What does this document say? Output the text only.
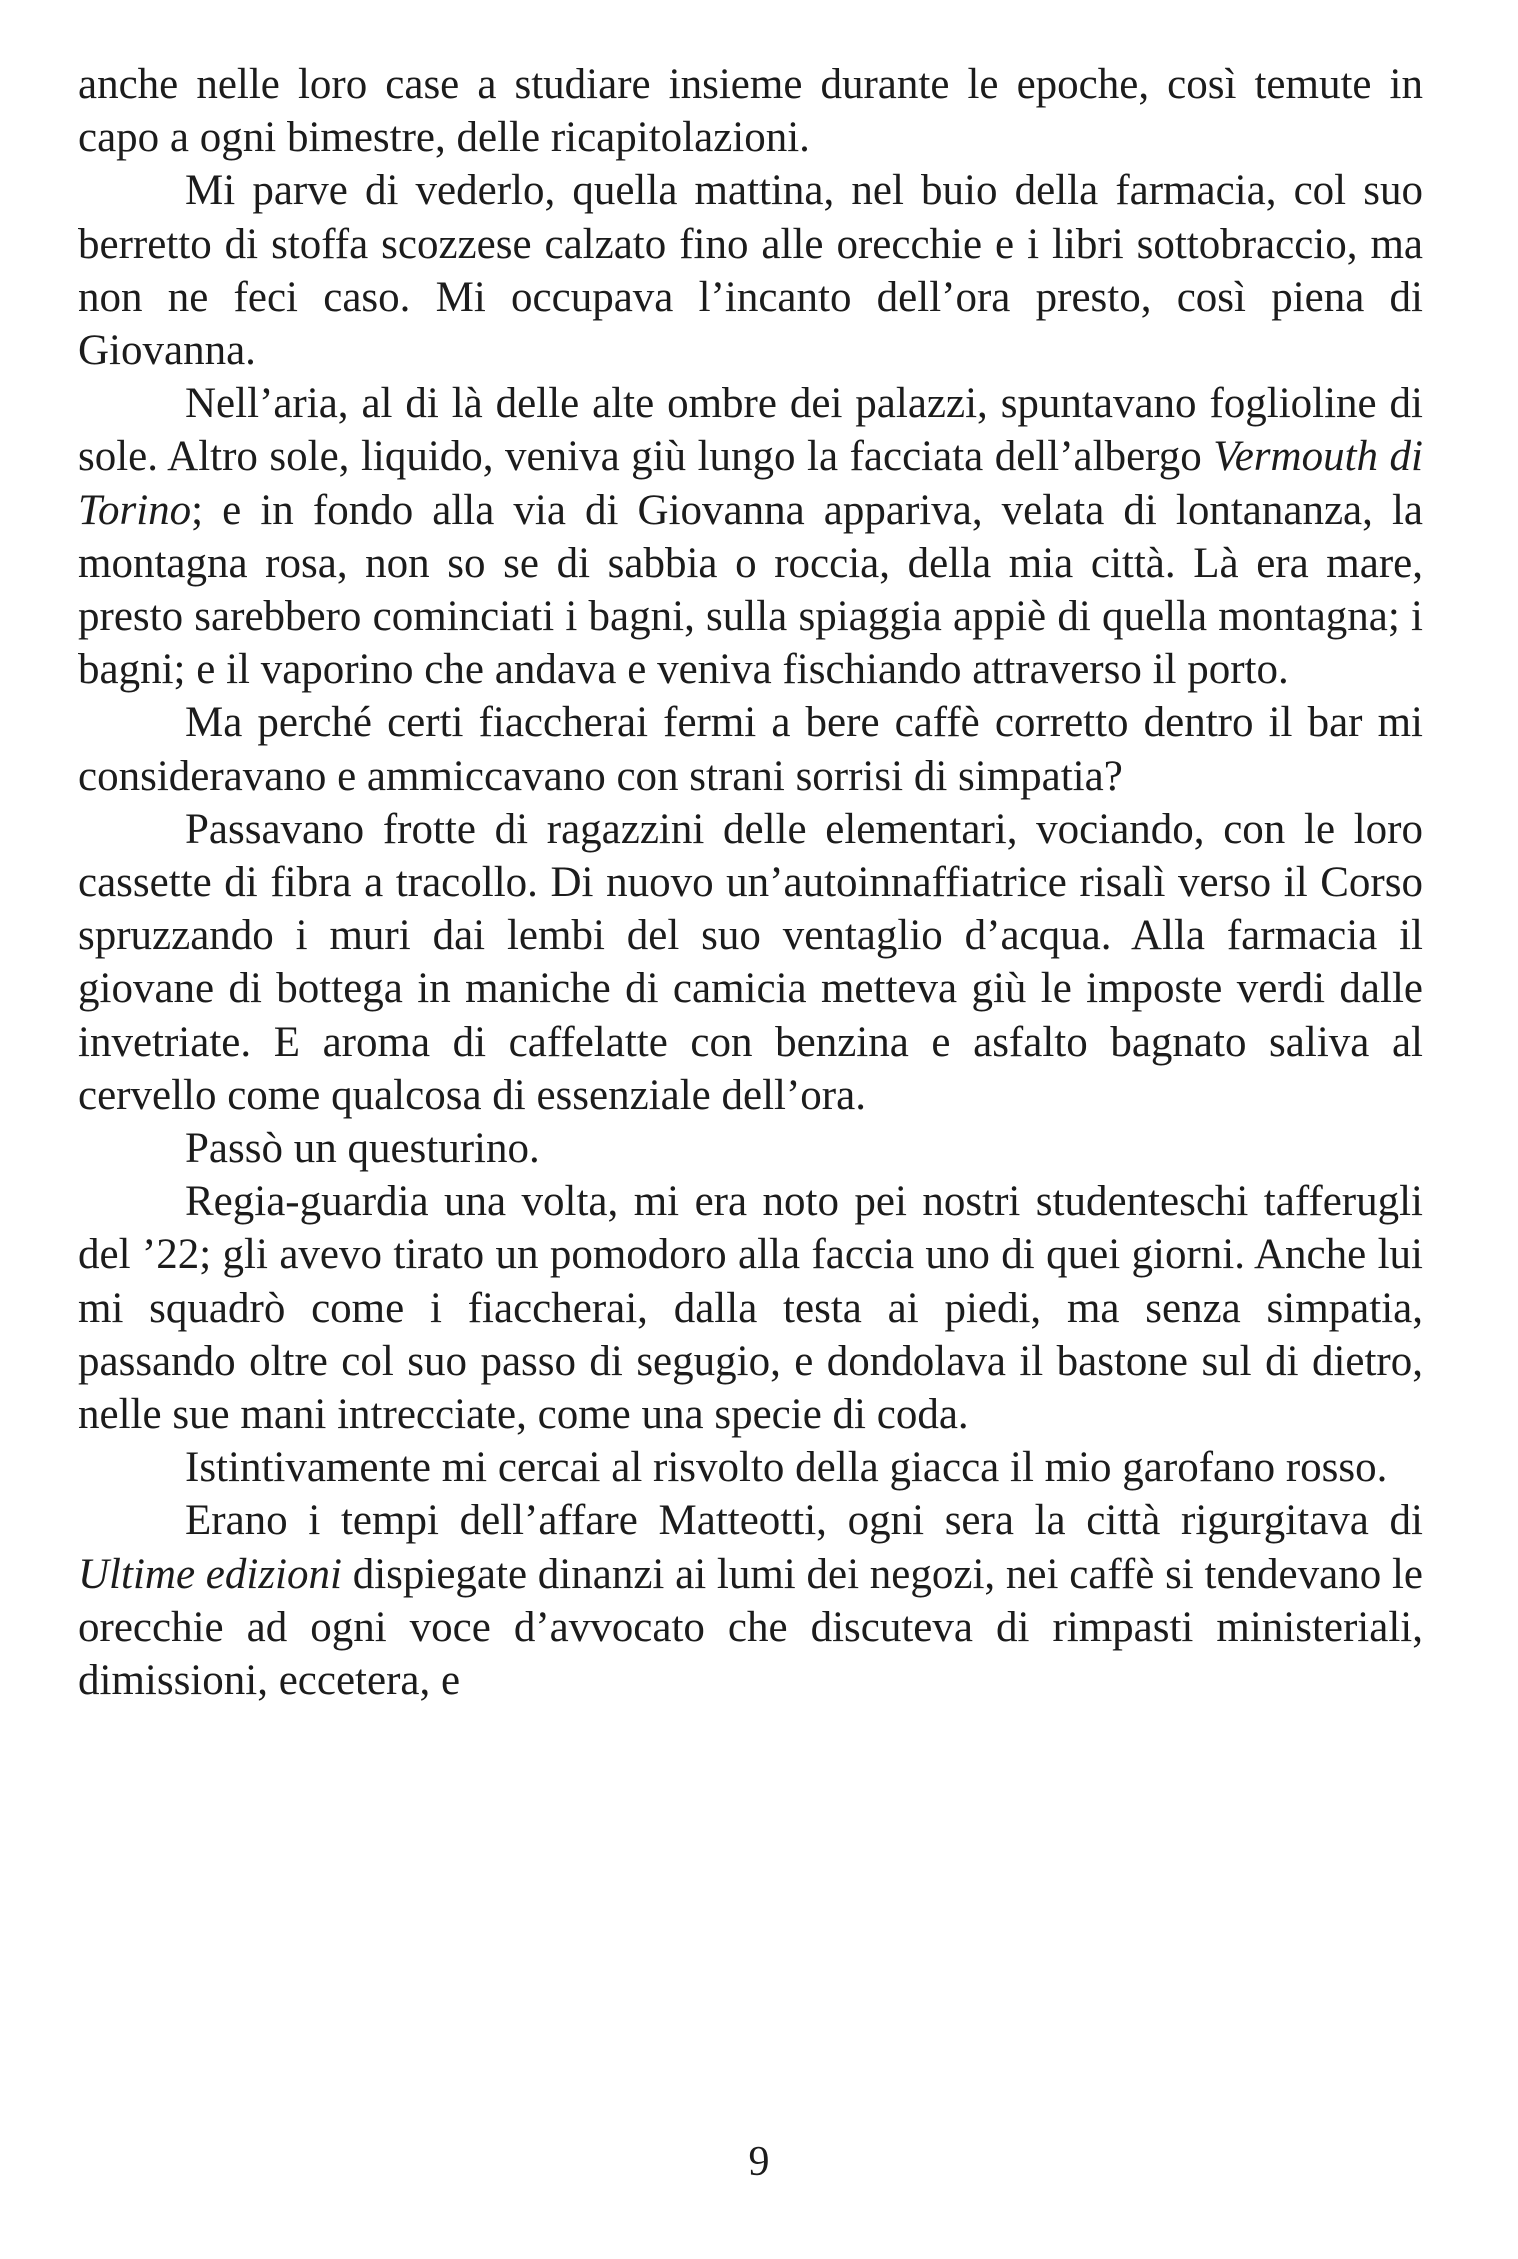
anche nelle loro case a studiare insieme durante le epoche, così temute in capo a ogni bimestre, delle ricapitolazioni.

Mi parve di vederlo, quella mattina, nel buio della farmacia, col suo berretto di stoffa scozzese calzato fino alle orecchie e i libri sottobraccio, ma non ne feci caso. Mi occupava l’incanto dell’ora presto, così piena di Giovanna.

Nell’aria, al di là delle alte ombre dei palazzi, spuntavano foglioline di sole. Altro sole, liquido, veniva giù lungo la facciata dell’albergo Vermouth di Torino; e in fondo alla via di Giovanna appariva, velata di lontananza, la montagna rosa, non so se di sabbia o roccia, della mia città. Là era mare, presto sarebbero cominciati i bagni, sulla spiaggia appiè di quella montagna; i bagni; e il vaporino che andava e veniva fischiando attraverso il porto.

Ma perché certi fiaccherai fermi a bere caffè corretto dentro il bar mi consideravano e ammiccavano con strani sorrisi di simpatia?

Passavano frotte di ragazzini delle elementari, vociando, con le loro cassette di fibra a tracollo. Di nuovo un’autoinnaffiatrice risalì verso il Corso spruzzando i muri dai lembi del suo ventaglio d’acqua. Alla farmacia il giovane di bottega in maniche di camicia metteva giù le imposte verdi dalle invetriate. E aroma di caffelatte con benzina e asfalto bagnato saliva al cervello come qualcosa di essenziale dell’ora.

Passò un questurino.

Regia-guardia una volta, mi era noto pei nostri studenteschi tafferugli del ’22; gli avevo tirato un pomodoro alla faccia uno di quei giorni. Anche lui mi squadrò come i fiaccherai, dalla testa ai piedi, ma senza simpatia, passando oltre col suo passo di segugio, e dondolava il bastone sul di dietro, nelle sue mani intrecciate, come una specie di coda.

Istintivamente mi cercai al risvolto della giacca il mio garofano rosso.

Erano i tempi dell’affare Matteotti, ogni sera la città rigurgitava di Ultime edizioni dispiegate dinanzi ai lumi dei negozi, nei caffè si tendevano le orecchie ad ogni voce d’avvocato che discuteva di rimpasti ministeriali, dimissioni, eccetera, e

9
